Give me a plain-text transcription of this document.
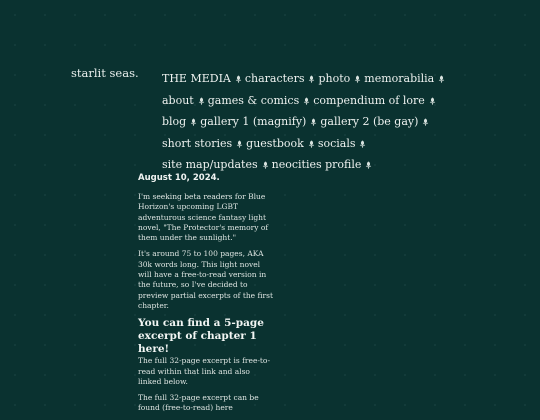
starlit seas. THE MEDIA characters photo memorabilia
about games & comics compendium of lore
blog gallery 1 (magnify) gallery 2 (be gay)
short stories guestbook socials
site map/updates neocities profile
August 10, 2024.

I'm seeking beta readers for Blue Horizon's upcoming LGBT adventurous science fantasy light novel, "The Protector's memory of them under the sunlight."

It's around 75 to 100 pages, AKA 30k words long. This light novel will have a free-to-read version in the future, so I've decided to preview partial excerpts of the first chapter.

You can find a 5-page excerpt of chapter 1 here!

The full 32-page excerpt is free-to-read within that link and also linked below.

The full 32-page excerpt can be found (free-to-read) here
